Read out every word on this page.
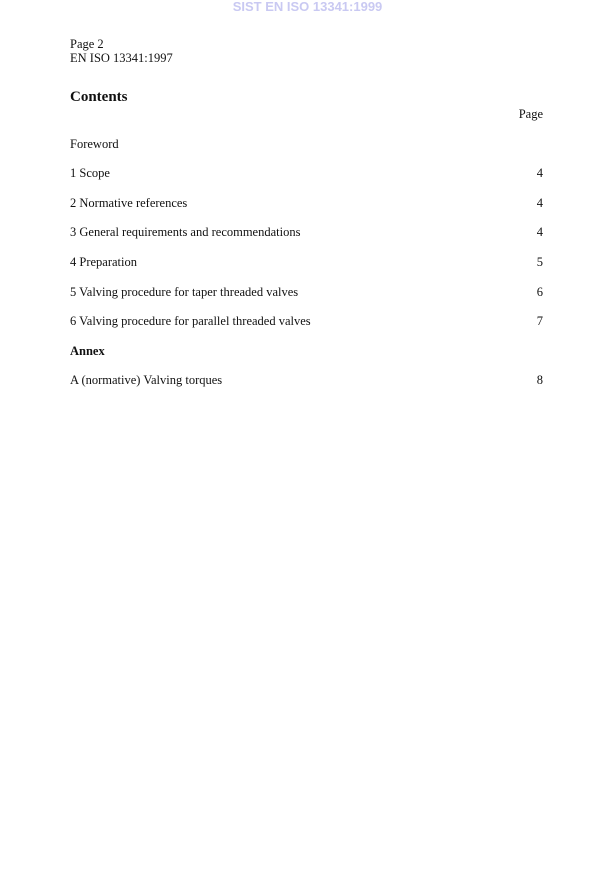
SIST EN ISO 13341:1999
Page 2
EN ISO 13341:1997
Contents
Page
Foreword
1 Scope	4
2 Normative references	4
3 General requirements and recommendations	4
4 Preparation	5
5 Valving procedure for taper threaded valves	6
6 Valving procedure for parallel threaded valves	7
Annex
A (normative) Valving torques	8
